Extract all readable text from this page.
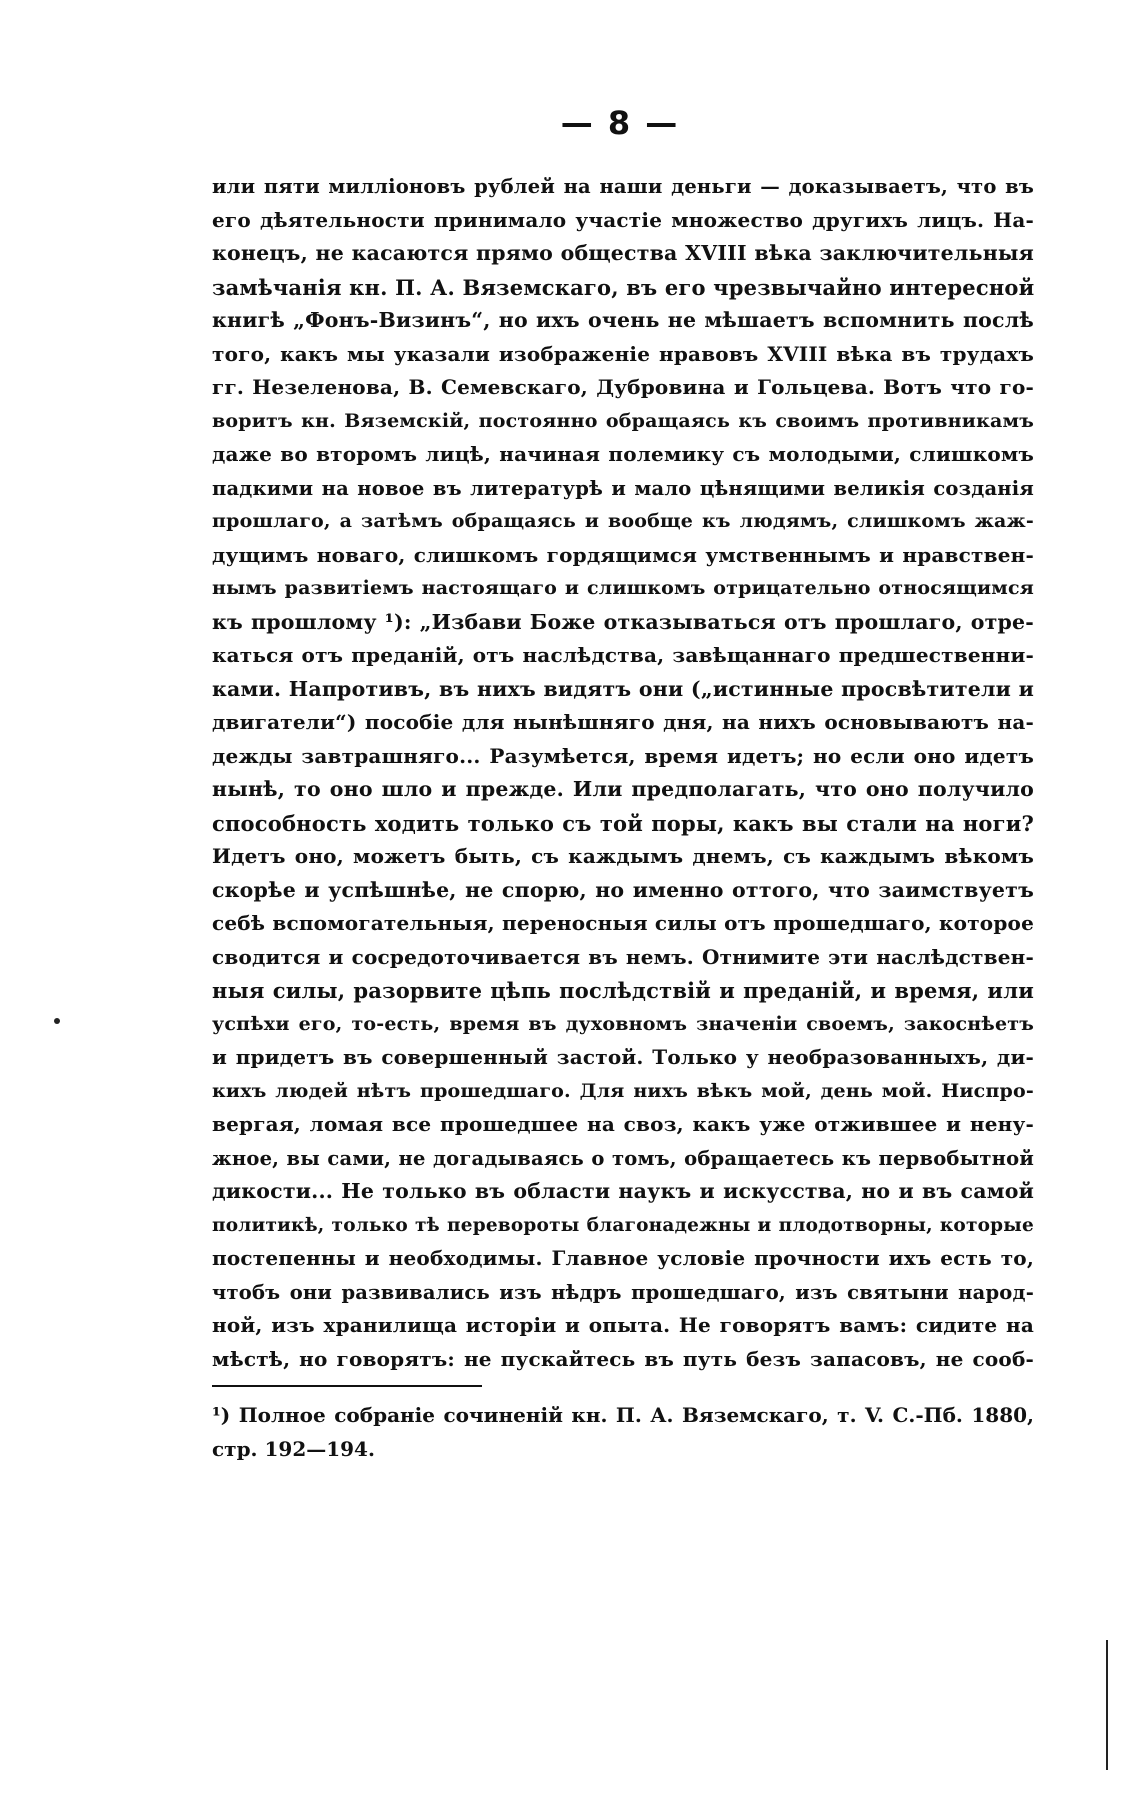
— 8 —
или пяти милліоновъ рублей на наши деньги — доказываетъ, что въ
его дѣятельности принимало участіе множество другихъ лицъ. На-
конецъ, не касаются прямо общества XVIII вѣка заключительныя
замѣчанія кн. П. А. Вяземскаго, въ его чрезвычайно интересной
книгѣ „Фонъ-Визинъ“, но ихъ очень не мѣшаетъ вспомнить послѣ
того, какъ мы указали изображеніе нравовъ XVIII вѣка въ трудахъ
гг. Незеленова, В. Семевскаго, Дубровина и Гольцева. Вотъ что го-
воритъ кн. Вяземскій, постоянно обращаясь къ своимъ противникамъ
даже во второмъ лицѣ, начиная полемику съ молодыми, слишкомъ
падкими на новое въ литературѣ и мало цѣнящими великія созданія
прошлаго, а затѣмъ обращаясь и вообще къ людямъ, слишкомъ жаж-
дущимъ новаго, слишкомъ гордящимся умственнымъ и нравствен-
нымъ развитіемъ настоящаго и слишкомъ отрицательно относящимся
къ прошлому ¹): „Избави Боже отказываться отъ прошлаго, отре-
каться отъ преданій, отъ наслѣдства, завѣщаннаго предшественни-
ками. Напротивъ, въ нихъ видятъ они („истинные просвѣтители и
двигатели“) пособіе для нынѣшняго дня, на нихъ основываютъ на-
дежды завтрашняго... Разумѣется, время идетъ; но если оно идетъ
нынѣ, то оно шло и прежде. Или предполагать, что оно получило
способность ходить только съ той поры, какъ вы стали на ноги?
Идетъ оно, можетъ быть, съ каждымъ днемъ, съ каждымъ вѣкомъ
скорѣе и успѣшнѣе, не спорю, но именно оттого, что заимствуетъ
себѣ вспомогательныя, переносныя силы отъ прошедшаго, которое
сводится и сосредоточивается въ немъ. Отнимите эти наслѣдствен-
ныя силы, разорвите цѣпь послѣдствій и преданій, и время, или
успѣхи его, то-есть, время въ духовномъ значеніи своемъ, закоснѣетъ
и придетъ въ совершенный застой. Только у необразованныхъ, ди-
кихъ людей нѣтъ прошедшаго. Для нихъ вѣкъ мой, день мой. Ниспро-
вергая, ломая все прошедшее на своз, какъ уже отжившее и нену-
жное, вы сами, не догадываясь о томъ, обращаетесь къ первобытной
дикости... Не только въ области наукъ и искусства, но и въ самой
политикѣ, только тѣ перевороты благонадежны и плодотворны, которые
постепенны и необходимы. Главное условіе прочности ихъ есть то,
чтобъ они развивались изъ нѣдръ прошедшаго, изъ святыни народ-
ной, изъ хранилища исторіи и опыта. Не говорятъ вамъ: сидите на
мѣстѣ, но говорятъ: не пускайтесь въ путь безъ запасовъ, не сооб-
¹) Полное собраніе сочиненій кн. П. А. Вяземскаго, т. V. С.-Пб. 1880,
стр. 192—194.
